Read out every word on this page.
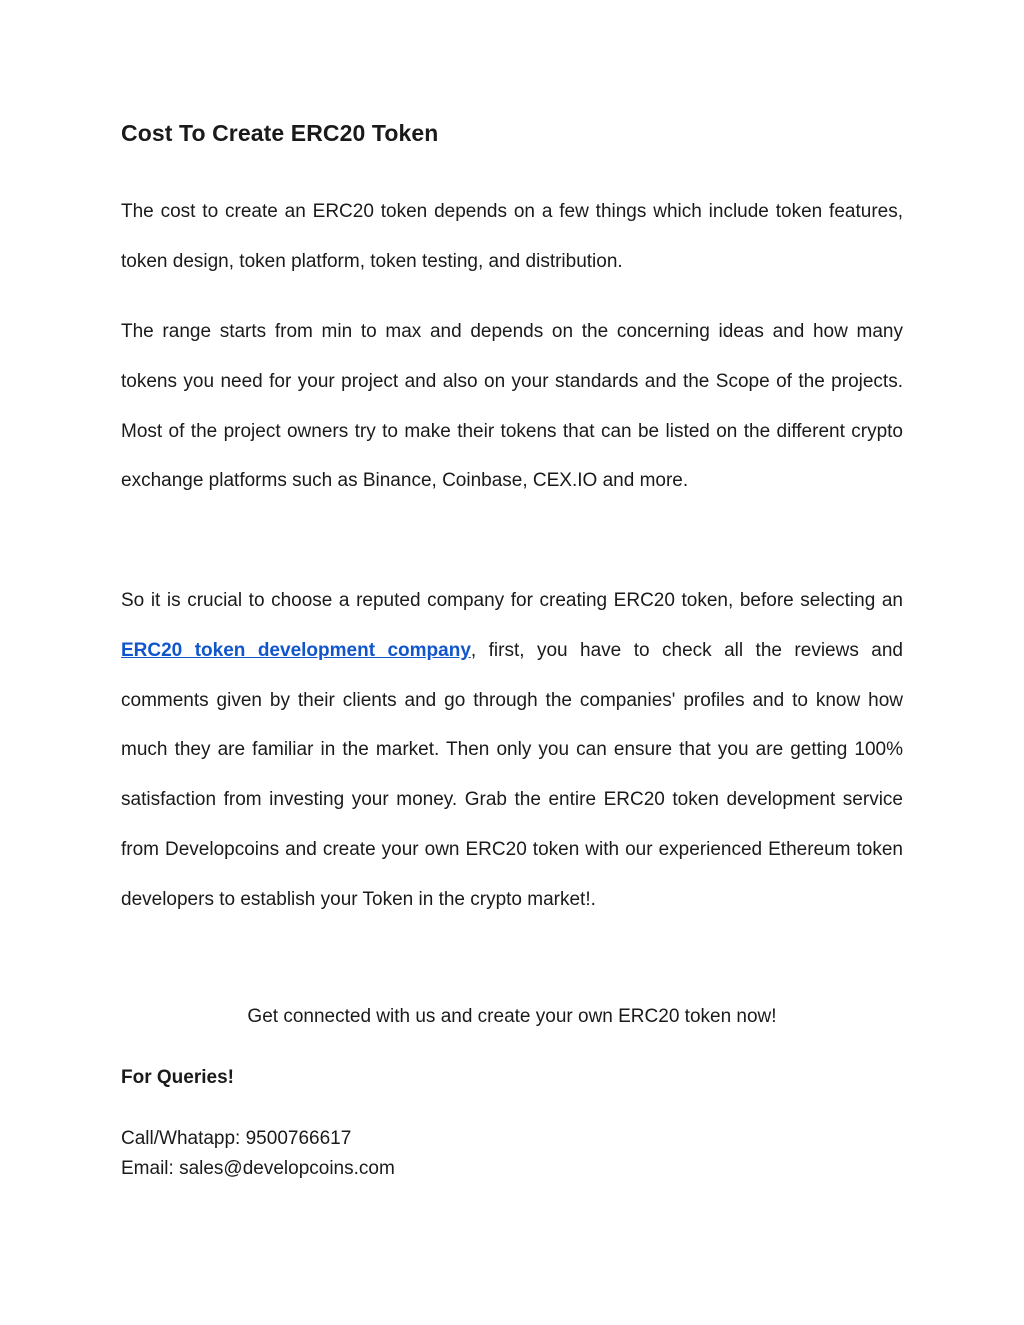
Cost To Create ERC20 Token

The cost to create an ERC20 token depends on a few things which include token features, token design, token platform, token testing, and distribution.

The range starts from min to max and depends on the concerning ideas and how many tokens you need for your project and also on your standards and the Scope of the projects. Most of the project owners try to make their tokens that can be listed on the different crypto exchange platforms such as Binance, Coinbase, CEX.IO and more.

So it is crucial to choose a reputed company for creating ERC20 token, before selecting an ERC20 token development company, first, you have to check all the reviews and comments given by their clients and go through the companies' profiles and to know how much they are familiar in the market. Then only you can ensure that you are getting 100% satisfaction from investing your money. Grab the entire ERC20 token development service from Developcoins and create your own ERC20 token with our experienced Ethereum token developers to establish your Token in the crypto market!.

Get connected with us and create your own ERC20 token now!

For Queries!

Call/Whatapp: 9500766617

Email: sales@developcoins.com
